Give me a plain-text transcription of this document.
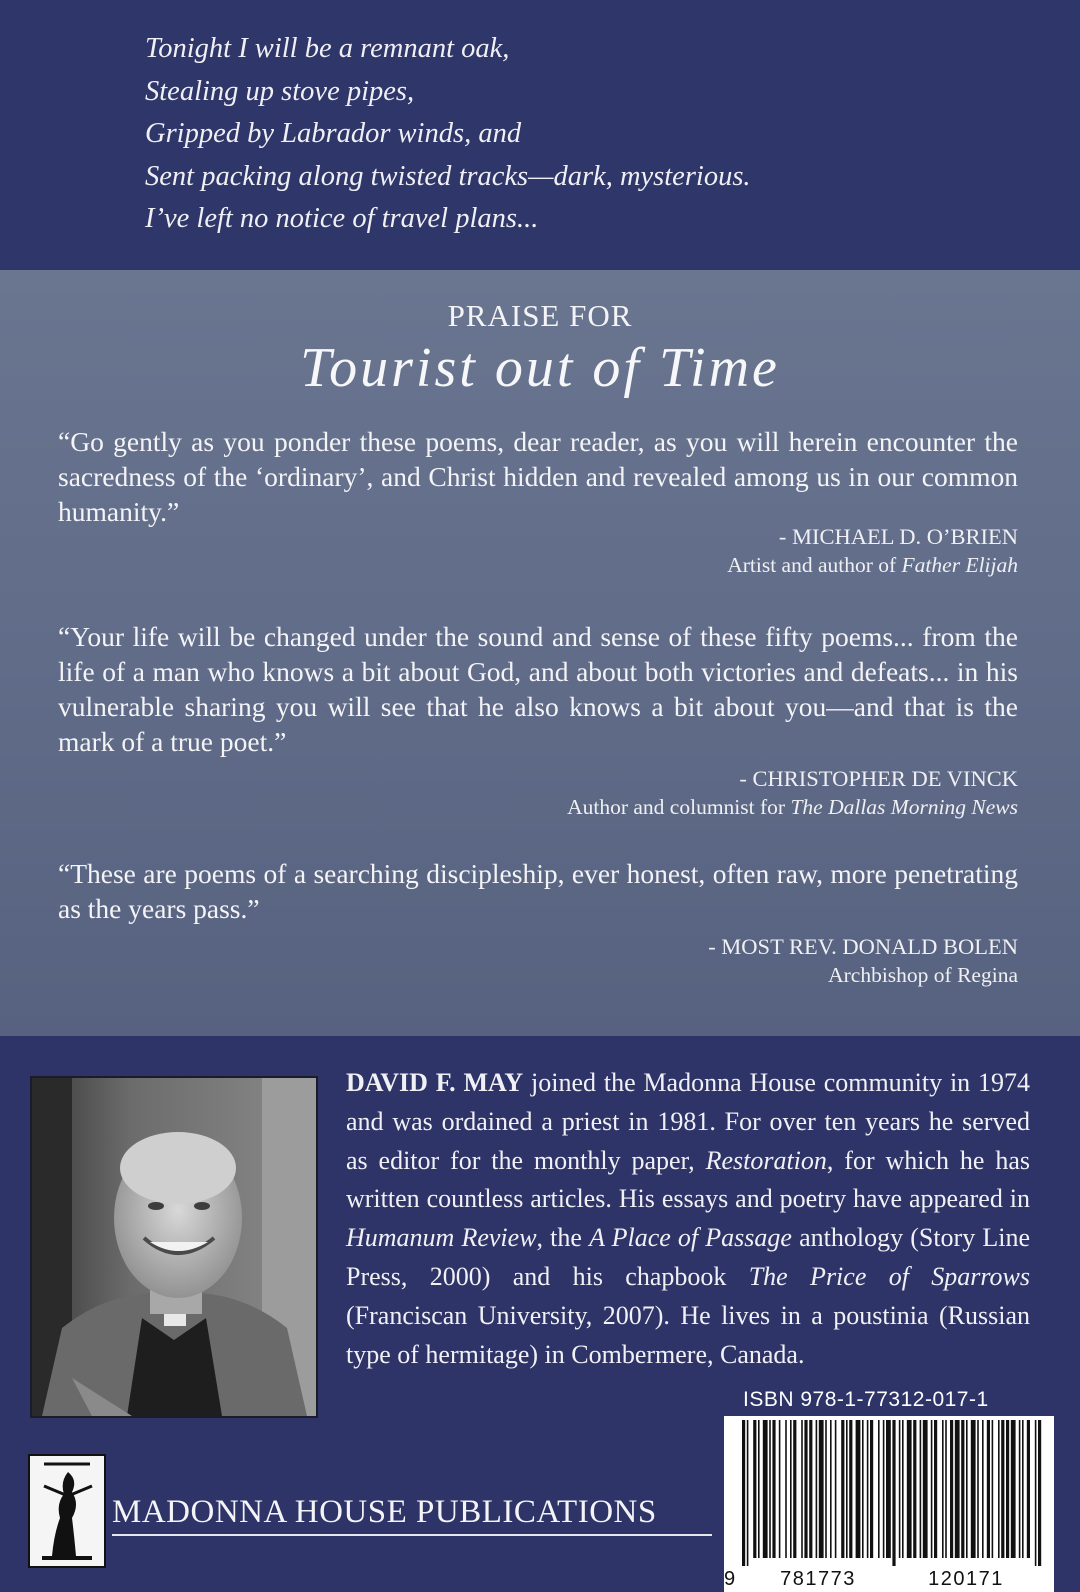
Tonight I will be a remnant oak,
Stealing up stove pipes,
Gripped by Labrador winds, and
Sent packing along twisted tracks—dark, mysterious.
I’ve left no notice of travel plans...
PRAISE FOR
Tourist out of Time
“Go gently as you ponder these poems, dear reader, as you will herein encounter the sacredness of the ‘ordinary’, and Christ hidden and revealed among us in our common humanity.”
- MICHAEL D. O’BRIEN
Artist and author of Father Elijah
“Your life will be changed under the sound and sense of these fifty poems... from the life of a man who knows a bit about God, and about both victories and defeats... in his vulnerable sharing you will see that he also knows a bit about you—and that is the mark of a true poet.”
- CHRISTOPHER DE VINCK
Author and columnist for The Dallas Morning News
“These are poems of a searching discipleship, ever honest, often raw, more penetrating as the years pass.”
- MOST REV. DONALD BOLEN
Archbishop of Regina
DAVID F. MAY joined the Madonna House community in 1974 and was ordained a priest in 1981. For over ten years he served as editor for the monthly paper, Restoration, for which he has written countless articles. His essays and poetry have appeared in Humanum Review, the A Place of Passage anthology (Story Line Press, 2000) and his chapbook The Price of Sparrows (Franciscan University, 2007). He lives in a poustinia (Russian type of hermitage) in Combermere, Canada.
MADONNA HOUSE PUBLICATIONS
ISBN 978-1-77312-017-1
9	781773	120171
